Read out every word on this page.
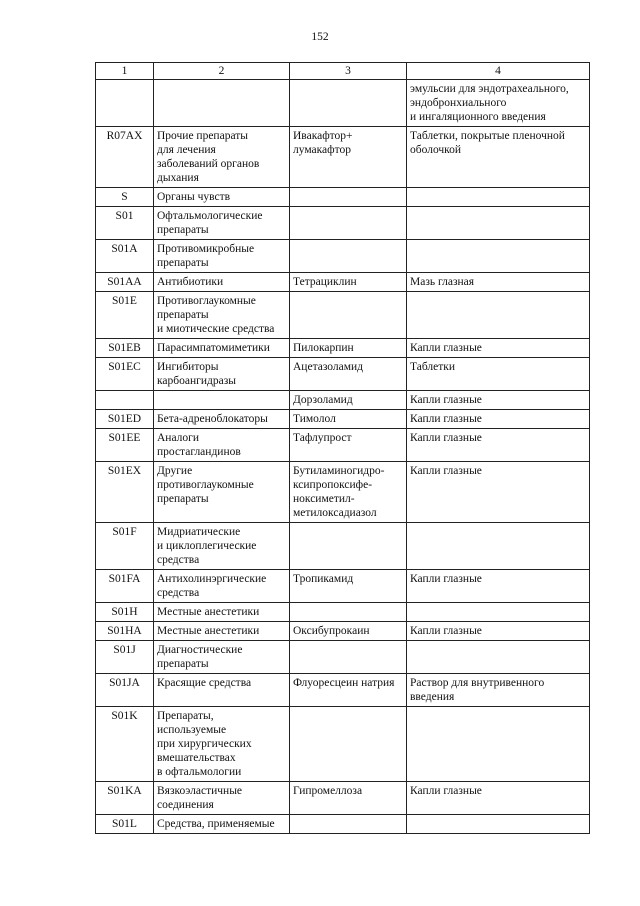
152
1	2	3	4
			эмульсии для эндотрахеального,
эндобронхиального
и ингаляционного введения
R07AX	Прочие препараты
для лечения
заболеваний органов
дыхания	Ивакафтор+
лумакафтор	Таблетки, покрытые пленочной
оболочкой
S	Органы чувств		
S01	Офтальмологические
препараты		
S01A	Противомикробные
препараты		
S01AA	Антибиотики	Тетрациклин	Мазь глазная
S01E	Противоглаукомные
препараты
и миотические средства		
S01EB	Парасимпатомиметики	Пилокарпин	Капли глазные
S01EC	Ингибиторы
карбоангидразы	Ацетазоламид	Таблетки
		Дорзоламид	Капли глазные
S01ED	Бета-адреноблокаторы	Тимолол	Капли глазные
S01EE	Аналоги
простагландинов	Тафлупрост	Капли глазные
S01EX	Другие
противоглаукомные
препараты	Бутиламиногидро-
ксипропоксифе-
ноксиметил-
метилоксадиазол	Капли глазные
S01F	Мидриатические
и циклоплегические
средства		
S01FA	Антихолинэргические
средства	Тропикамид	Капли глазные
S01H	Местные анестетики		
S01HA	Местные анестетики	Оксибупрокаин	Капли глазные
S01J	Диагностические
препараты		
S01JA	Красящие средства	Флуоресцеин натрия	Раствор для внутривенного
введения
S01K	Препараты,
используемые
при хирургических
вмешательствах
в офтальмологии		
S01KA	Вязкоэластичные
соединения	Гипромеллоза	Капли глазные
S01L	Средства, применяемые		
